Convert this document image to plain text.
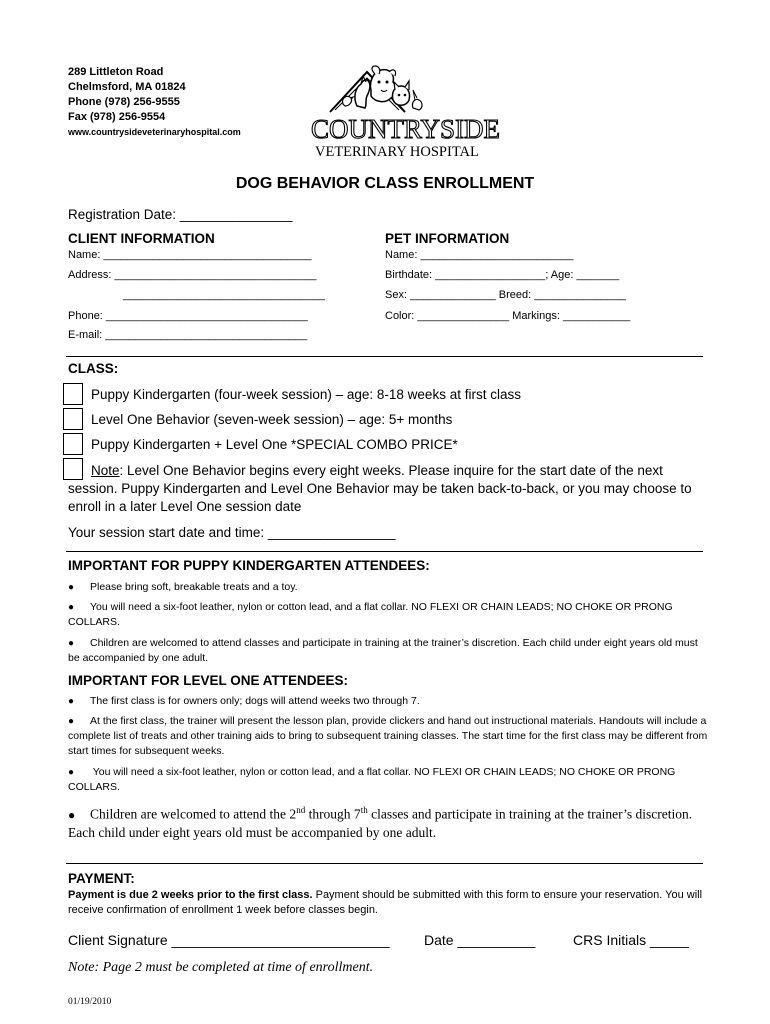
289 Littleton Road
Chelmsford, MA 01824
Phone (978) 256-9555
Fax (978) 256-9554
www.countrysideveterinaryhospital.com	COUNTRYSIDE
VETERINARY HOSPITAL
DOG BEHAVIOR CLASS ENROLLMENT
Registration Date: _______________
CLIENT INFORMATION
Name: __________________________________
Address: _________________________________
_________________________________
Phone: _________________________________
E-mail: _________________________________
PET INFORMATION
Name: _________________________
Birthdate: __________________; Age: _______
Sex: ______________ Breed: _______________
Color: _______________ Markings: ___________
CLASS:
Puppy Kindergarten (four-week session) – age: 8-18 weeks at first class
Level One Behavior (seven-week session) – age: 5+ months
Puppy Kindergarten + Level One *SPECIAL COMBO PRICE*
Note: Level One Behavior begins every eight weeks. Please inquire for the start date of the next session. Puppy Kindergarten and Level One Behavior may be taken back-to-back, or you may choose to enroll in a later Level One session date
Your session start date and time: _________________
IMPORTANT FOR PUPPY KINDERGARTEN ATTENDEES:
● Please bring soft, breakable treats and a toy.
● You will need a six-foot leather, nylon or cotton lead, and a flat collar. NO FLEXI OR CHAIN LEADS; NO CHOKE OR PRONG COLLARS.
● Children are welcomed to attend classes and participate in training at the trainer’s discretion. Each child under eight years old must be accompanied by one adult.
IMPORTANT FOR LEVEL ONE ATTENDEES:
● The first class is for owners only; dogs will attend weeks two through 7.
● At the first class, the trainer will present the lesson plan, provide clickers and hand out instructional materials. Handouts will include a complete list of treats and other training aids to bring to subsequent training classes. The start time for the first class may be different from start times for subsequent weeks.
● You will need a six-foot leather, nylon or cotton lead, and a flat collar. NO FLEXI OR CHAIN LEADS; NO CHOKE OR PRONG COLLARS.
● Children are welcomed to attend the 2nd through 7th classes and participate in training at the trainer’s discretion. Each child under eight years old must be accompanied by one adult.
PAYMENT:
Payment is due 2 weeks prior to the first class. Payment should be submitted with this form to ensure your reservation. You will receive confirmation of enrollment 1 week before classes begin.
Client Signature ____________________________ Date __________	CRS Initials _____
Note: Page 2 must be completed at time of enrollment.
01/19/2010
